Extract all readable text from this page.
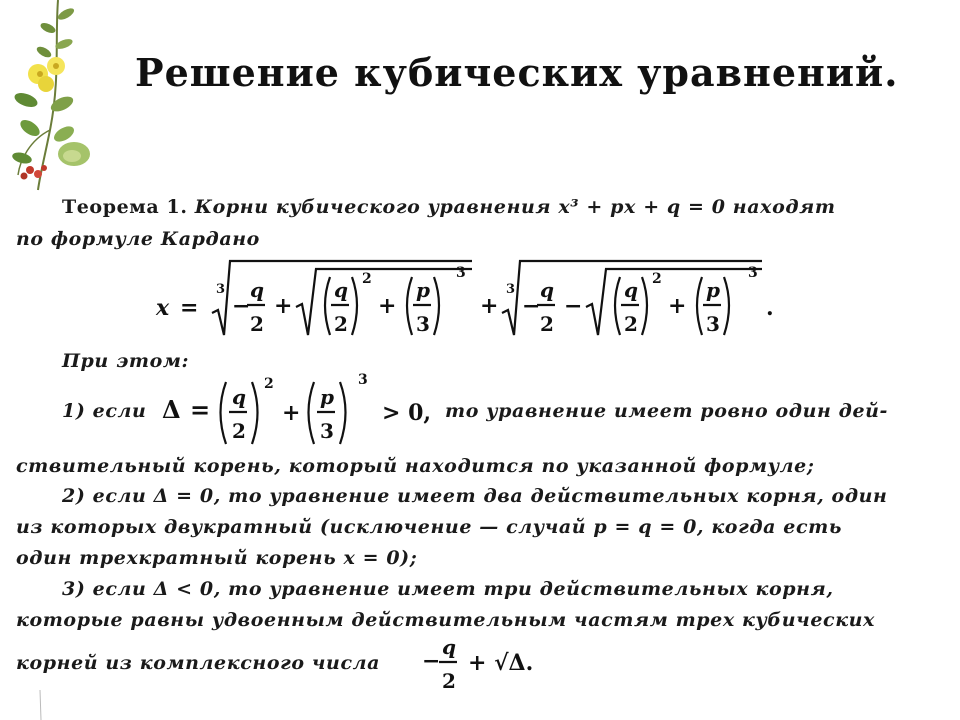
Решение кубических уравнений.
Теорема 1. Корни кубического уравнения x³ + px + q = 0 находят
по формуле Кардано
x =
3
−
q
2
+
q
2
2
+
p
3
3
+
3
−
q
2
−
q
2
2
+
p
3
3
.
При этом:
1) если Δ = q
2
2
+
p
3
3
> 0, то уравнение имеет ровно один дей-
ствительный корень, который находится по указанной формуле;
2) если Δ = 0, то уравнение имеет два действительных корня, один
из которых двукратный (исключение — случай p = q = 0, когда есть
один трехкратный корень x = 0);
3) если Δ < 0, то уравнение имеет три действительных корня,
которые равны удвоенным действительным частям трех кубических
корней из комплексного числа −
q
2
+ √Δ.
